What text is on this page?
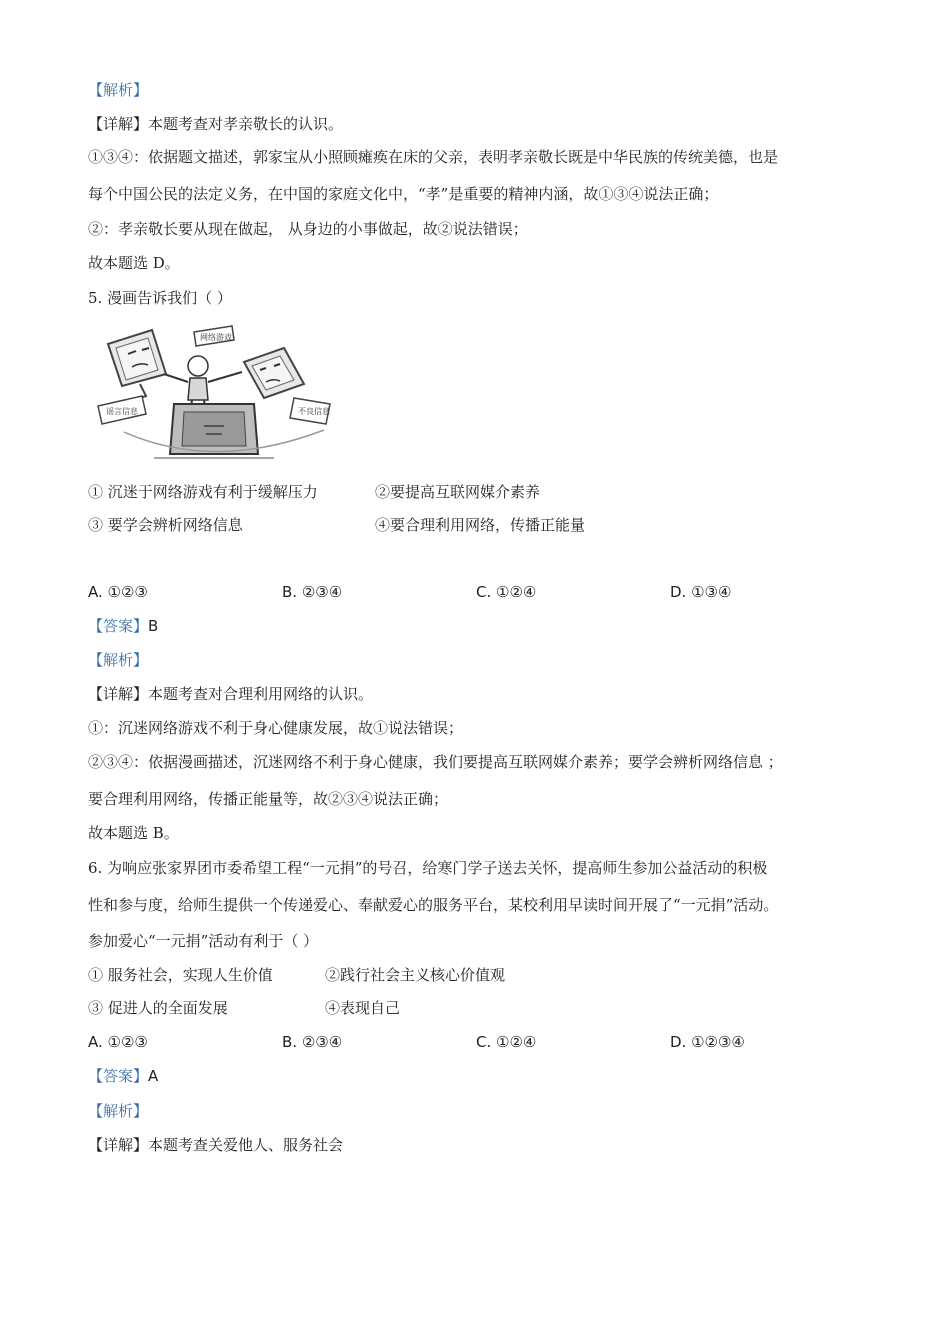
【解析】
【详解】本题考查对孝亲敬长的认识。
①③④：依据题文描述，郭家宝从小照顾瘫痪在床的父亲，表明孝亲敬长既是中华民族的传统美德，也是
每个中国公民的法定义务，在中国的家庭文化中，“孝”是重要的精神内涵，故①③④说法正确；
②：孝亲敬长要从现在做起， 从身边的小事做起，故②说法错误；
故本题选 D。
5. 漫画告诉我们（ ）
网络游戏
谣言信息	不良信息
① 沉迷于网络游戏有利于缓解压力	②要提高互联网媒介素养
③ 要学会辨析网络信息	④要合理利用网络，传播正能量
A. ①②③	B. ②③④	C. ①②④	D. ①③④
【答案】B
【解析】
【详解】本题考查对合理利用网络的认识。
①：沉迷网络游戏不利于身心健康发展，故①说法错误；
②③④：依据漫画描述，沉迷网络不利于身心健康，我们要提高互联网媒介素养；要学会辨析网络信息 ；
要合理利用网络，传播正能量等，故②③④说法正确；
故本题选 B。
6. 为响应张家界团市委希望工程“一元捐”的号召，给寒门学子送去关怀，提高师生参加公益活动的积极
性和参与度，给师生提供一个传递爱心、奉献爱心的服务平台，某校利用早读时间开展了“一元捐”活动。
参加爱心“一元捐”活动有利于（ ）
① 服务社会，实现人生价值	②践行社会主义核心价值观
③ 促进人的全面发展	④表现自己
A. ①②③	B. ②③④	C. ①②④	D. ①②③④
【答案】A
【解析】
【详解】本题考查关爱他人、服务社会
